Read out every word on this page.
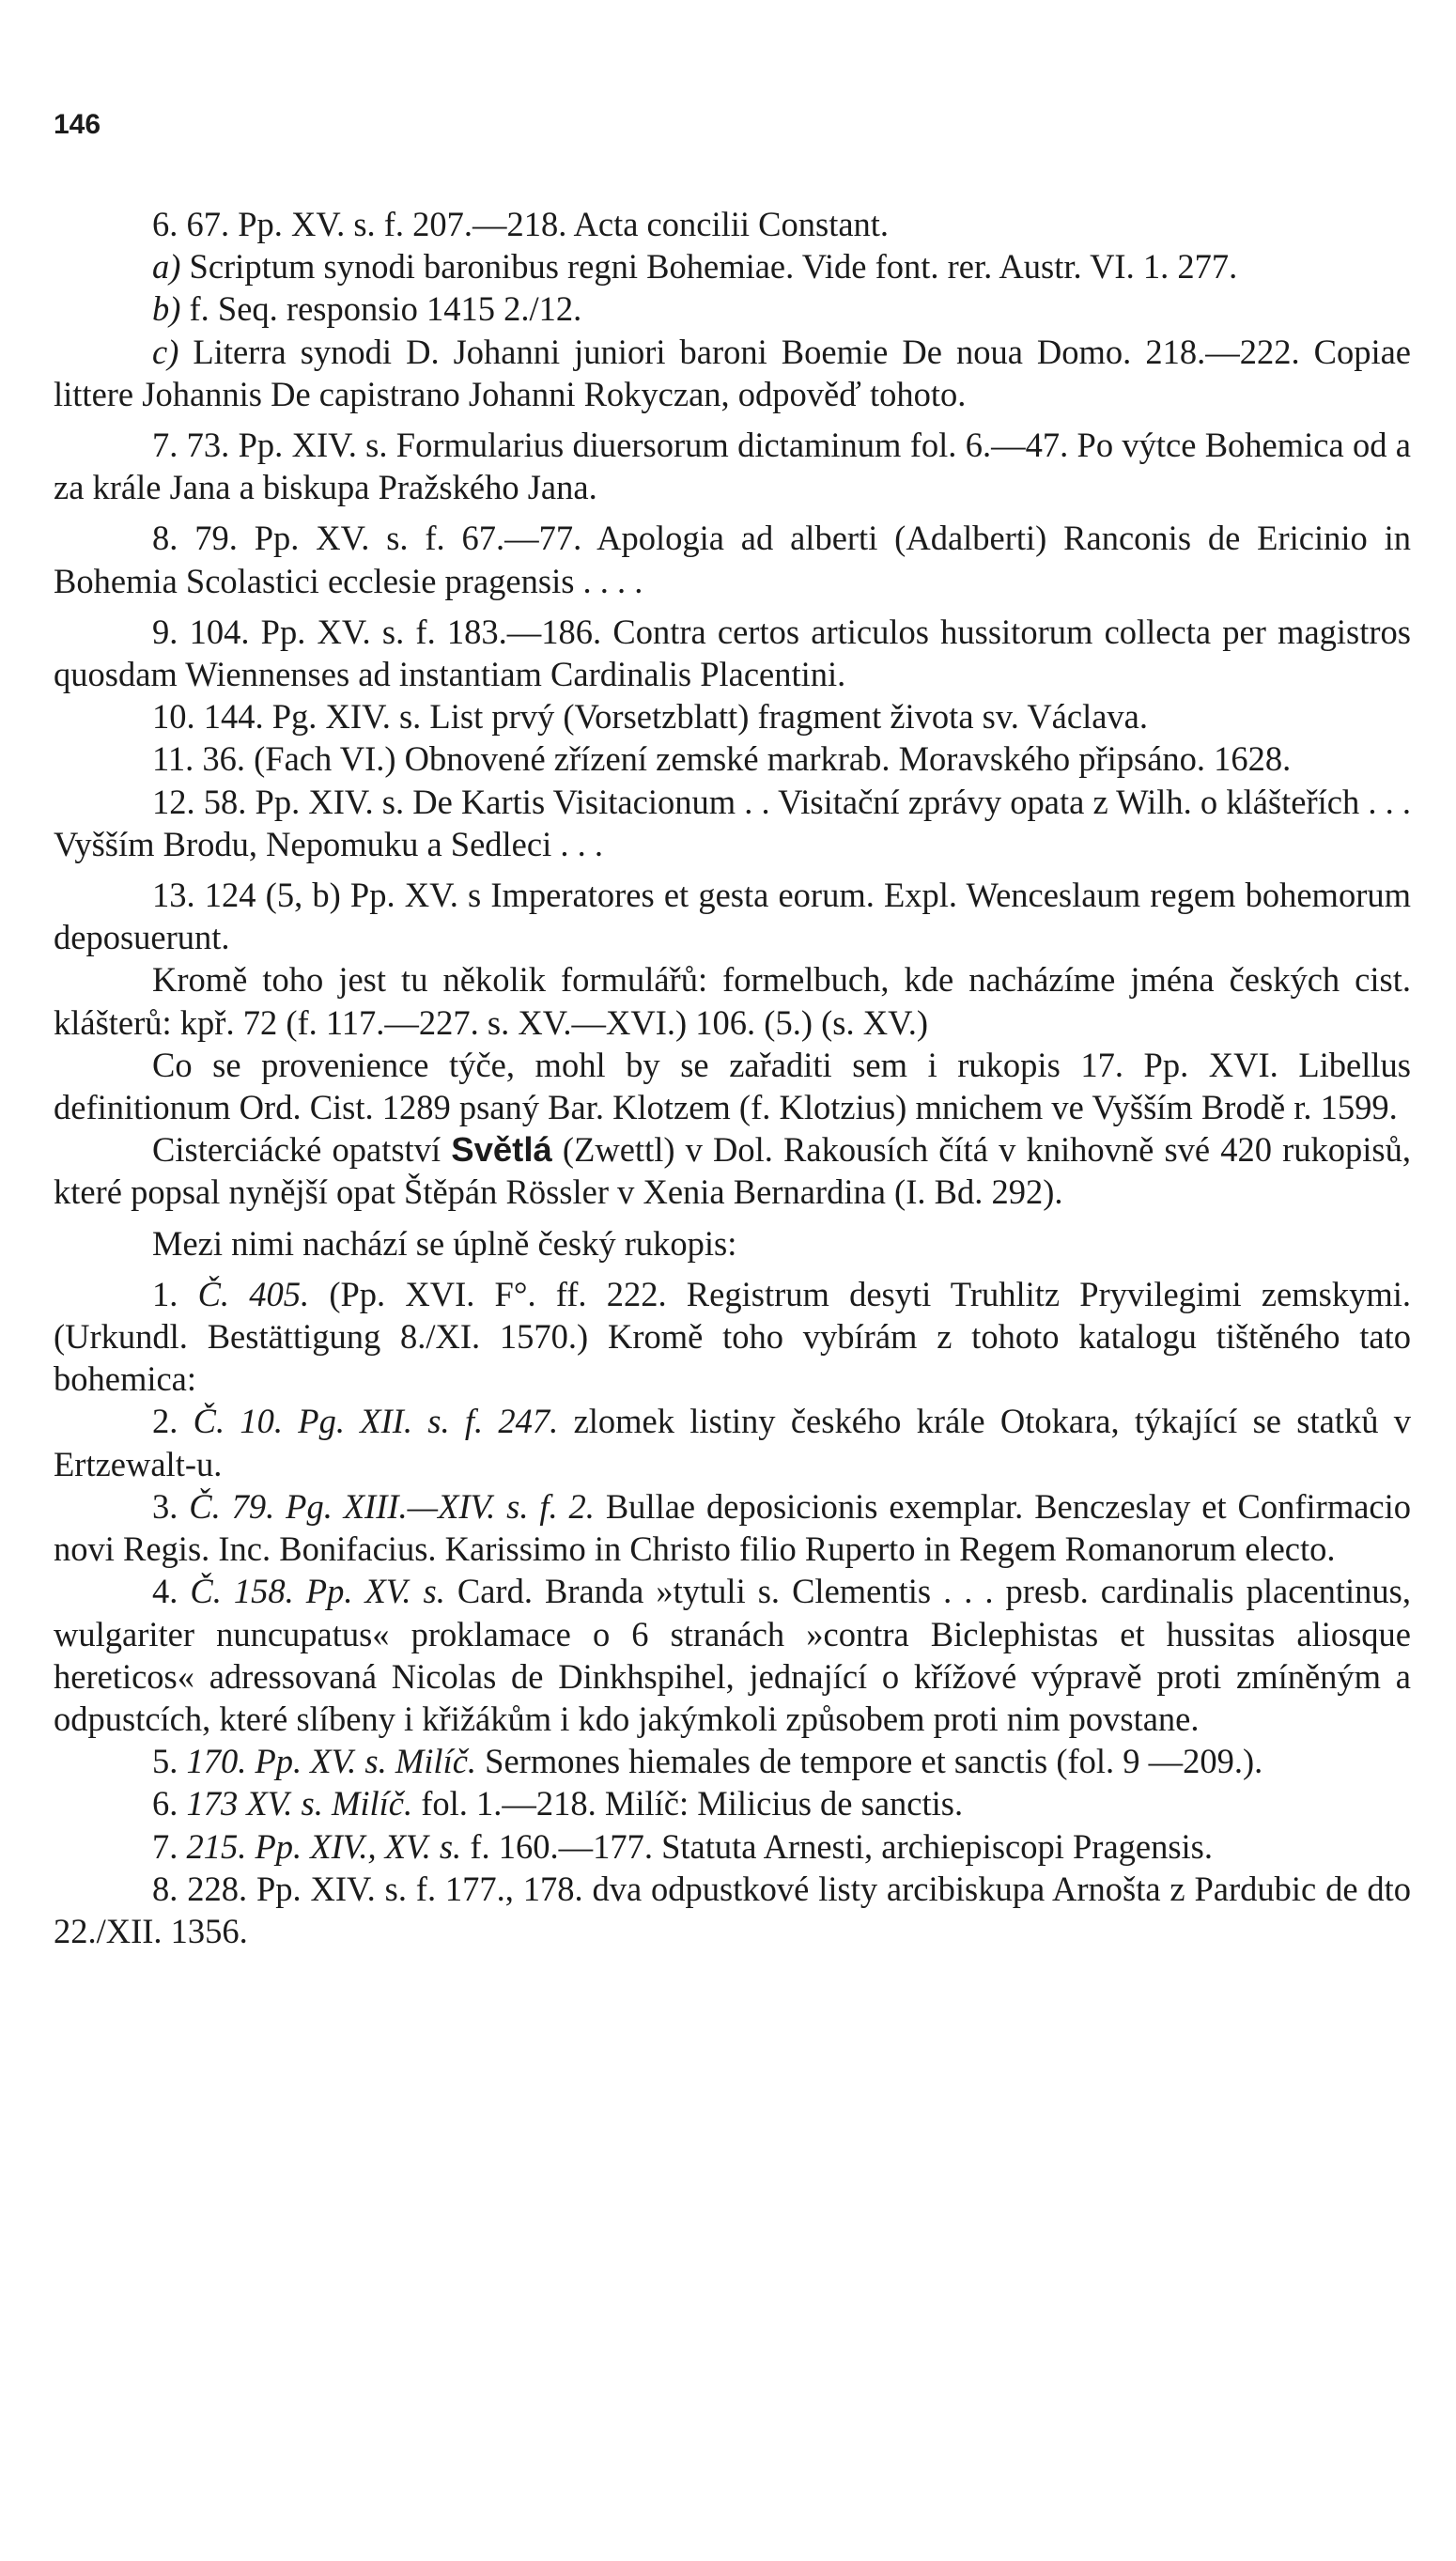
146

6. 67. Pp. XV. s. f. 207.—218. Acta concilii Constant.

a) Scriptum synodi baronibus regni Bohemiae. Vide font. rer. Austr. VI. 1. 277.

b) f. Seq. responsio 1415 2./12.

c) Literra synodi D. Johanni juniori baroni Boemie De noua Domo. 218.—222. Copiae littere Johannis De capistrano Johanni Rokyczan, odpověď tohoto.

7. 73. Pp. XIV. s. Formularius diuersorum dictaminum fol. 6.—47. Po výtce Bohemica od a za krále Jana a biskupa Pražského Jana.

8. 79. Pp. XV. s. f. 67.—77. Apologia ad alberti (Adalberti) Ranconis de Ericinio in Bohemia Scolastici ecclesie pragensis . . . .

9. 104. Pp. XV. s. f. 183.—186. Contra certos articulos hussitorum collecta per magistros quosdam Wiennenses ad instantiam Cardinalis Placentini.

10. 144. Pg. XIV. s. List prvý (Vorsetzblatt) fragment života sv. Václava.

11. 36. (Fach VI.) Obnovené zřízení zemské markrab. Moravského připsáno. 1628.

12. 58. Pp. XIV. s. De Kartis Visitacionum . . Visitační zprávy opata z Wilh. o klášteřích . . . Vyšším Brodu, Nepomuku a Sedleci . . .

13. 124 (5, b) Pp. XV. s Imperatores et gesta eorum. Expl. Wenceslaum regem bohemorum deposuerunt.

Kromě toho jest tu několik formulářů: formelbuch, kde nacházíme jména českých cist. klášterů: kpř. 72 (f. 117.—227. s. XV.—XVI.) 106. (5.) (s. XV.)

Co se provenience týče, mohl by se zařaditi sem i rukopis 17. Pp. XVI. Libellus definitionum Ord. Cist. 1289 psaný Bar. Klotzem (f. Klotzius) mnichem ve Vyšším Brodě r. 1599.

Cisterciácké opatství Světlá (Zwettl) v Dol. Rakousích čítá v knihovně své 420 rukopisů, které popsal nynější opat Štěpán Rössler v Xenia Bernardina (I. Bd. 292).

Mezi nimi nachází se úplně český rukopis:

1. Č. 405. (Pp. XVI. F°. ff. 222. Registrum desyti Truhlitz Pryvilegimi zemskymi. (Urkundl. Bestättigung 8./XI. 1570.) Kromě toho vybírám z tohoto katalogu tištěného tato bohemica:

2. Č. 10. Pg. XII. s. f. 247. zlomek listiny českého krále Otokara, týkající se statků v Ertzewalt-u.

3. Č. 79. Pg. XIII.—XIV. s. f. 2. Bullae deposicionis exemplar. Benczeslay et Confirmacio novi Regis. Inc. Bonifacius. Karissimo in Christo filio Ruperto in Regem Romanorum electo.

4. Č. 158. Pp. XV. s. Card. Branda »tytuli s. Clementis . . . presb. cardinalis placentinus, wulgariter nuncupatus« proklamace o 6 stranách »contra Biclephistas et hussitas aliosque hereticos« adressovaná Nicolas de Dinkhspihel, jednající o křížové výpravě proti zmíněným a odpustcích, které slíbeny i křižákům i kdo jakýmkoli způsobem proti nim povstane.

5. 170. Pp. XV. s. Milíč. Sermones hiemales de tempore et sanctis (fol. 9 —209.).

6. 173 XV. s. Milíč. fol. 1.—218. Milíč: Milicius de sanctis.

7. 215. Pp. XIV., XV. s. f. 160.—177. Statuta Arnesti, archiepiscopi Pragensis.

8. 228. Pp. XIV. s. f. 177., 178. dva odpustkové listy arcibiskupa Arnošta z Pardubic de dto 22./XII. 1356.
